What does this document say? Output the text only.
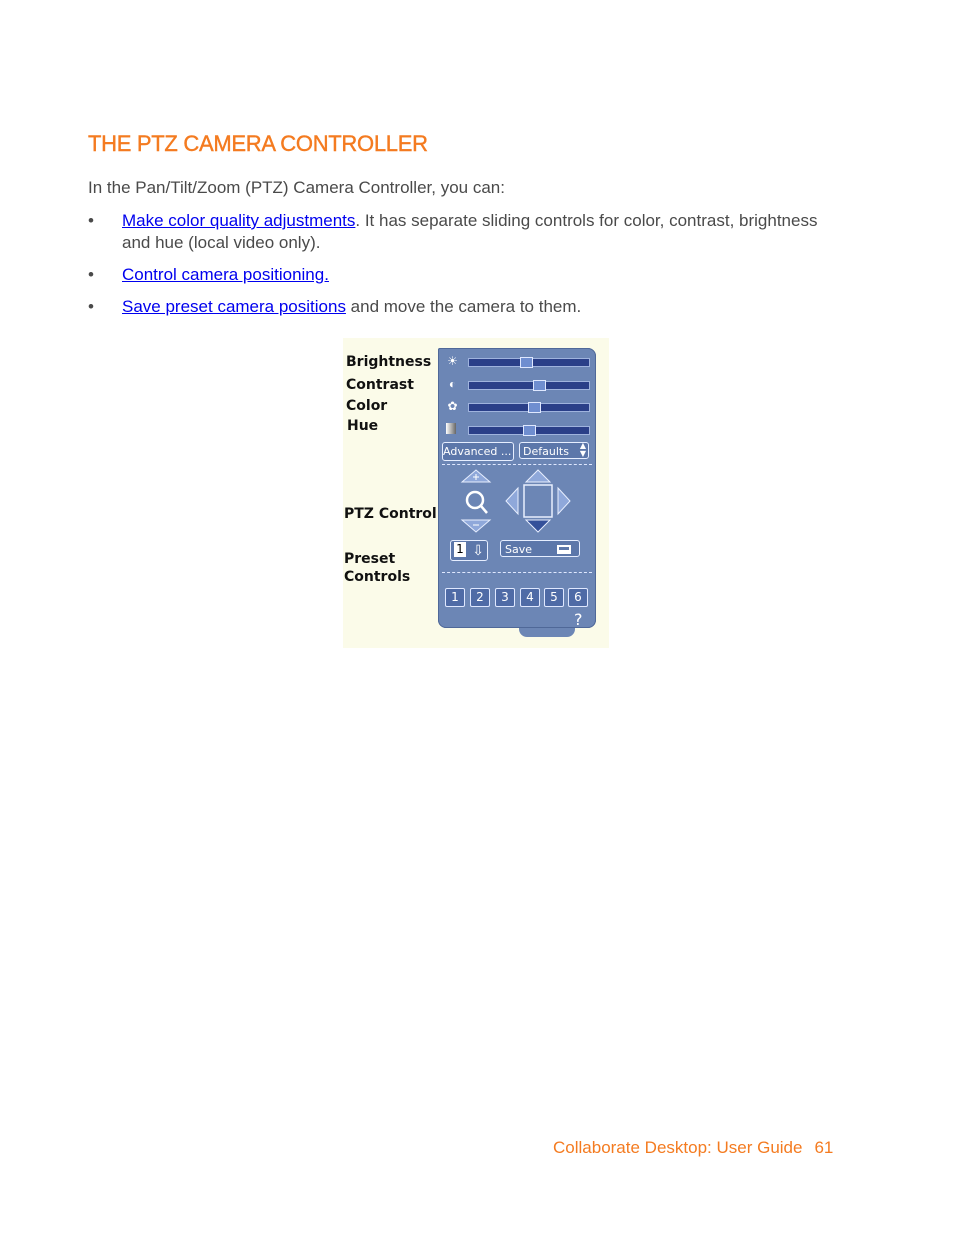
THE PTZ CAMERA CONTROLLER
In the Pan/Tilt/Zoom (PTZ) Camera Controller, you can:
• Make color quality adjustments. It has separate sliding controls for color, contrast, brightness and hue (local video only).
• Control camera positioning.
• Save preset camera positions and move the camera to them.
Brightness
Contrast
Color
Hue
PTZ Control
Preset
Controls
☀
◐
✿
Advanced ...	Defaults ▲
▼
1 ⇩	Save
1	2	3	4	5	6
?
Collaborate Desktop: User Guide 61
